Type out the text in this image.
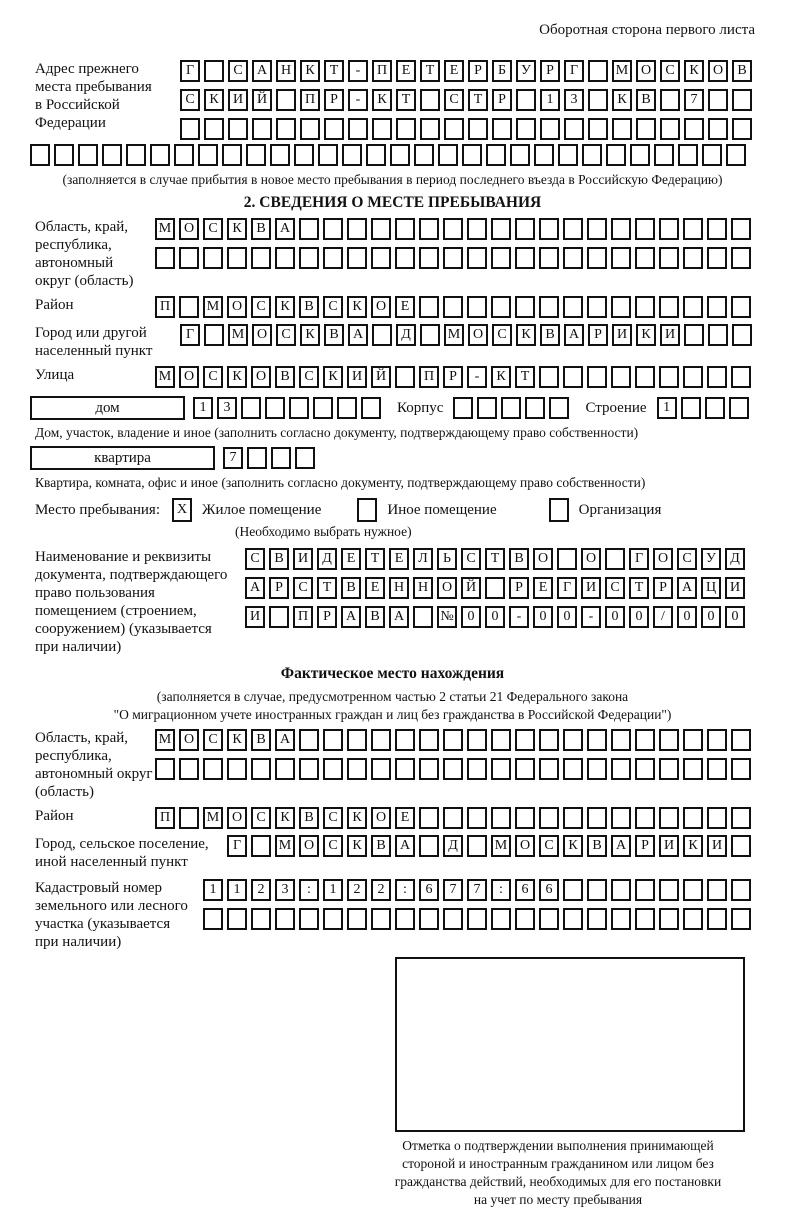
Оборотная сторона первого листа
Адрес прежнего
места пребывания
в Российской
Федерации
Г	С	А Н	К	Т	-	П	Е	Т	Е	Р	Б	У	Р	Г	М О	С	К	О	В
С	К	И Й	П	Р	-	К	Т	С	Т	Р	1	3	К	В	7
(заполняется в случае прибытия в новое место пребывания в период последнего въезда в Российскую Федерацию)
2. СВЕДЕНИЯ О МЕСТЕ ПРЕБЫВАНИЯ
Область, край,
республика,
автономный
округ (область)
М О	С	К	В	А
Район	П	М О	С	К	В	С	К	О	Е
Город или другой
населенный пункт
Г	М О	С	К	В	А	Д	М О	С	К	В	А	Р	И	К	И
Улица	М О	С	К	О	В	С	К	И Й	П	Р	-	К	Т
дом	1	3	Корпус	Строение	1
Дом, участок, владение и иное (заполнить согласно документу, подтверждающему право собственности)
квартира	7
Квартира, комната, офис и иное (заполнить согласно документу, подтверждающему право собственности)
Место пребывания:	X Жилое помещение	Иное помещение	Организация
(Необходимо выбрать нужное)
Наименование и реквизиты
документа, подтверждающего
право пользования
помещением (строением,
сооружением) (указывается
при наличии)
С	В	И	Д	Е	Т	Е	Л	Ь	С	Т	В	О	О	Г	О	С	У	Д
А	Р	С	Т	В	Е	Н Н О Й	Р	Е	Г	И	С	Т	Р	А Ц И
И	П	Р	А	В	А	№ 0	0	-	0	0	-	0	0	/	0	0	0
Фактическое место нахождения
(заполняется в случае, предусмотренном частью 2 статьи 21 Федерального закона
"О миграционном учете иностранных граждан и лиц без гражданства в Российской Федерации")
Область, край,
республика,
автономный округ
(область)
М О	С	К	В	А
Район	П	М О	С	К	В	С	К	О	Е
Город, сельское поселение,
иной населенный пункт
Г	М О	С	К	В	А	Д	М О	С	К	В	А	Р	И	К	И
Кадастровый номер
земельного или лесного
участка (указывается
при наличии)
1	1	2	3	:	1	2	2	:	6	7	7	:	6	6
Отметка о подтверждении выполнения принимающей
стороной и иностранным гражданином или лицом без
гражданства действий, необходимых для его постановки
на учет по месту пребывания
